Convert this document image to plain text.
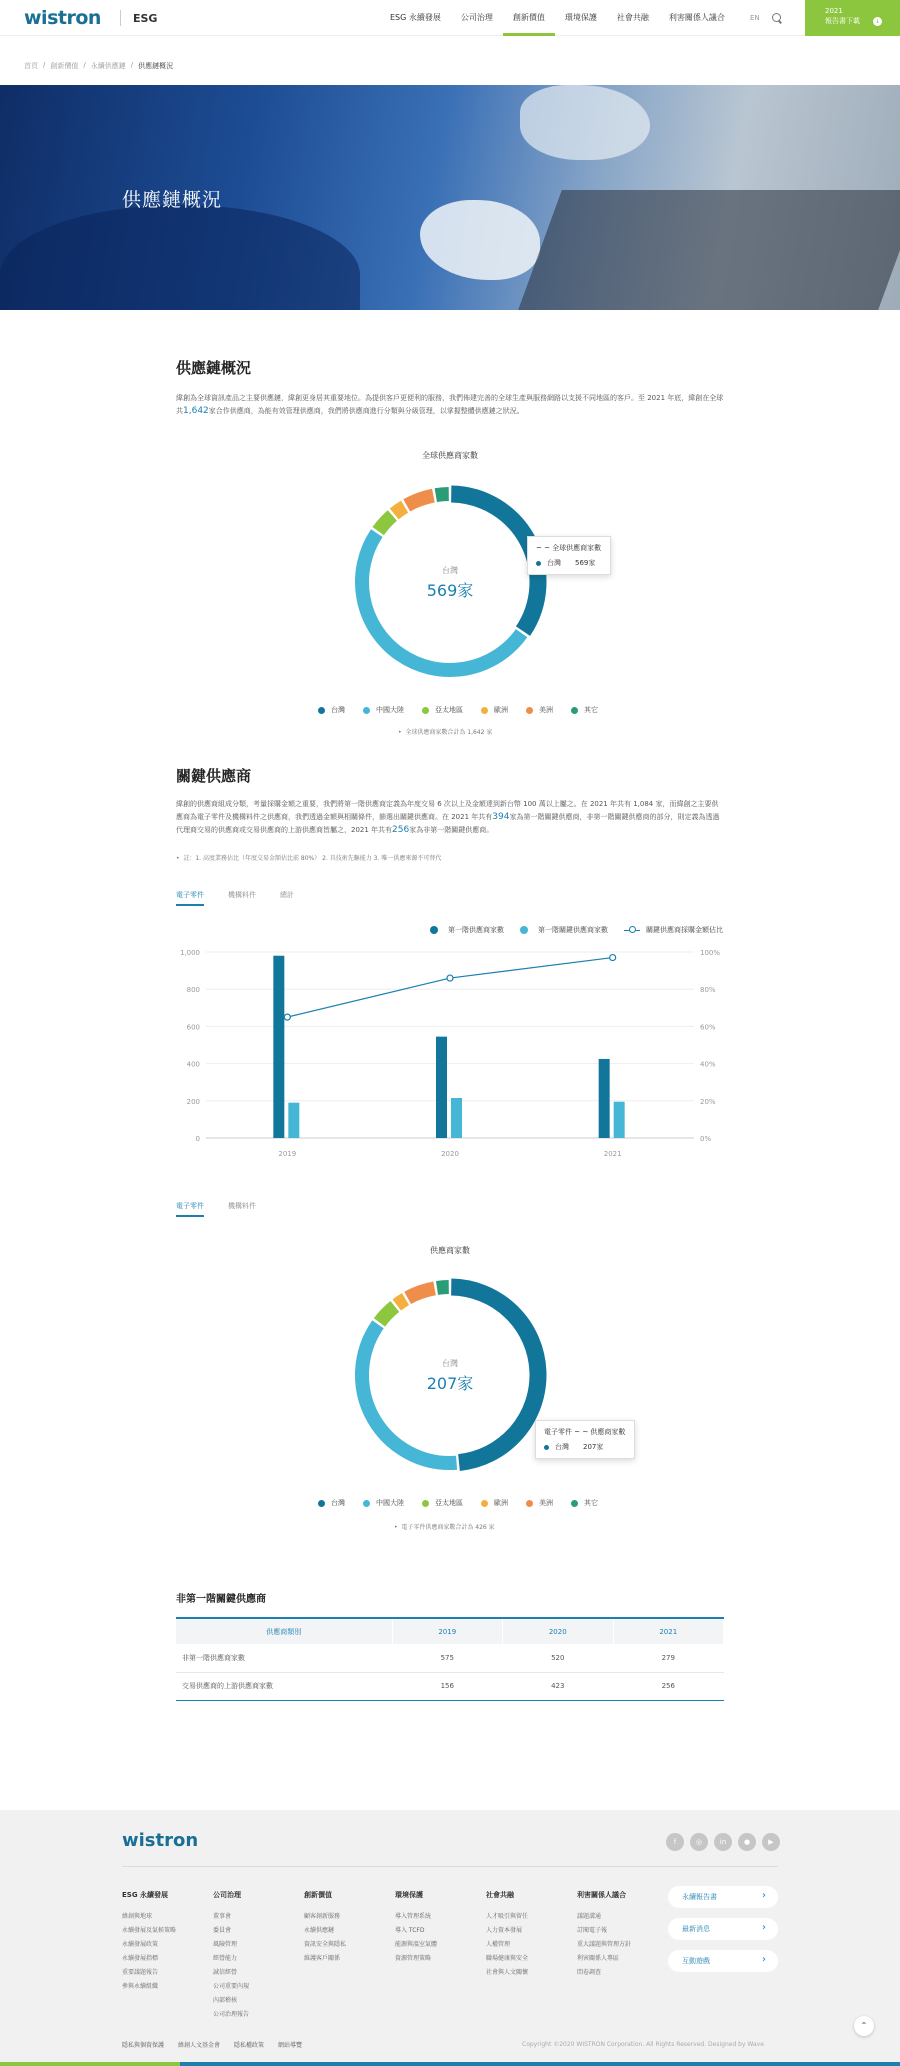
wistron	ESG	ESG 永續發展	公司治理	創新價值	環境保護	社會共融	利害關係人議合	EN
2021
報告書下載	↓
首頁 / 創新價值 / 永續供應鏈 / 供應鏈概況
供應鏈概況
供應鏈概況

緯創為全球資訊產品之主要供應鏈，緯創更身居其重要地位。為提供客戶更便利的服務，我們佈建完善的全球生產與服務網路以支援不同地區的客戶。至 2021 年底，緯創在全球共1,642家合作供應商，為能有效管理供應商，我們將供應商進行分類與分級管理，以掌握整體供應鏈之狀況。

全球供應商家數
台灣
569家
~ ~ 全球供應商家數
台灣 569家
台灣	中國大陸	亞太地區	歐洲	美洲	其它
•  全球供應商家數合計為 1,642 家
關鍵供應商

緯創的供應商組成分類，考量採購金額之重要，我們將第一階供應商定義為年度交易 6 次以上及金額達到新台幣 100 萬以上屬之。在 2021 年共有 1,084 家，而緯創之主要供應商為電子零件及機構料件之供應商，我們透過金額與相關條件，篩選出關鍵供應商。在 2021 年共有394家為第一階關鍵供應商，非第一階關鍵供應商的部分，則定義為透過代理商交易的供應商或交易供應商的上游供應商皆屬之，2021 年共有256家為非第一階關鍵供應商。

•  註：1. 高度業務佔比（年度交易金額佔比前 80%） 2. 具技術先驅能力 3. 唯一供應來源不可替代
電子零件	機構料件	總計
第一階供應商家數	第一階關鍵供應商家數	關鍵供應商採購金額佔比
0	0%
200	20%
400	40%
600	60%
800	80%
1,000	100%
2019	2020	2021
電子零件	機構料件
供應商家數
台灣
207家
電子零件 ~ ~ 供應商家數
台灣 207家
台灣	中國大陸	亞太地區	歐洲	美洲	其它
•  電子零件供應商家數合計為 426 家
非第一階關鍵供應商
供應商類別	2019	2020	2021
非第一階供應商家數	575	520	279
交易供應商的上游供應商家數	156	423	256
wistron	f	◎	in	●	▶
ESG 永續發展
緯創與地球
永續發展及氣候策略
永續發展政策
永續發展指標
重要議題報告
參與永續組織
公司治理
董事會
委員會
風險管理
經營能力
誠信經營
公司重要內規
內部稽核
公司治理報告
創新價值
顧客創新服務
永續供應鏈
資訊安全與隱私
維護客戶關係
環境保護
導入管理系統
導入 TCFD
能源與溫室氣體
資源管理策略
社會共融
人才吸引與留任
人力資本發展
人權管理
職場健康與安全
社會與人文關懷
利害關係人議合
議題溝通
訂閱電子報
重大議題與管理方針
利害關係人專區
問卷調查
永續報告書	›
最新消息	›
互動遊戲	›
⌃
隱私與個資保護 緯創人文基金會 隱私權政策 網站導覽	Copyright ©2020 WISTRON Corporation. All Rights Reserved. Designed by Wave
